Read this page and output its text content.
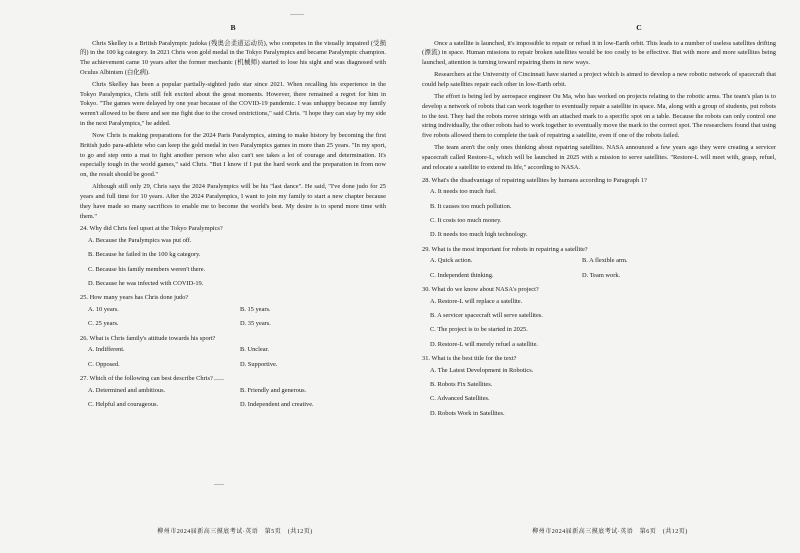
B

Chris Skelley is a British Paralympic judoka (残奥会柔道运动员), who competes in the visually impaired (受损的) in the 100 kg category. In 2021 Chris won gold medal in the Tokyo Paralympics and became Paralympic champion. The achievement came 10 years after the former mechanic (机械师) started to lose his sight and was diagnosed with Oculus Albinism (白化病).

Chris Skelley has been a popular partially-sighted judo star since 2021. When recalling his experience in the Tokyo Paralympics, Chris still felt excited about the great moments. However, there remained a regret for him in Tokyo. "The games were delayed by one year because of the COVID-19 pandemic. I was unhappy because my family weren't allowed to be there and see me fight due to the crowd restrictions," said Chris. "I hope they can stay by my side in the next Paralympics," he added.

Now Chris is making preparations for the 2024 Paris Paralympics, aiming to make history by becoming the first British judo para-athlete who can keep the gold medal in two Paralympics games in more than 25 years. "In my sport, to go and step onto a mat to fight another person who also can't see takes a lot of courage and determination. It's especially tough in the world games," said Chris. "But I know if I put the hard work and the preparation in from now on, the result should be good."

Although still only 29, Chris says the 2024 Paralympics will be his "last dance". He said, "I've done judo for 25 years and full time for 10 years. After the 2024 Paralympics, I want to join my family to start a new chapter because they have made so many sacrifices to enable me to become the world's best. My desire is to spend more time with them."

24. Why did Chris feel upset at the Tokyo Paralympics?
A. Because the Paralympics was put off.
B. Because he failed in the 100 kg category.
C. Because his family members weren't there.
D. Because he was infected with COVID-19.
25. How many years has Chris done judo?
A. 10 years.	B. 15 years.
C. 25 years.	D. 35 years.
26. What is Chris family's attitude towards his sport?
A. Indifferent.	B. Unclear.
C. Opposed.	D. Supportive.
27. Which of the following can best describe Chris?
A. Determined and ambitious.	B. Friendly and generous.
C. Helpful and courageous.	D. Independent and creative.
柳州市2024届新高三摸底考试·英语　第5页　(共12页)
C

Once a satellite is launched, it's impossible to repair or refuel it in low-Earth orbit. This leads to a number of useless satellites drifting (漂流) in space. Human missions to repair broken satellites would be too costly to be effective. But with more and more satellites being launched, attention is turning toward repairing them in new ways.

Researchers at the University of Cincinnati have started a project which is aimed to develop a new robotic network of spacecraft that could help satellites repair each other in low-Earth orbit.

The effort is being led by aerospace engineer Ou Ma, who has worked on projects relating to the robotic arms. The team's plan is to develop a network of robots that can work together to eventually repair a satellite in space. Ma, along with a group of students, put robots to the test. They had the robots move strings with an attached mark to a specific spot on a table. Because the robots can only control one string individually, the other robots had to work together to eventually move the mark to the correct spot. The researchers found that using five robots allowed them to complete the task of repairing a satellite, even if one of the robots failed.

The team aren't the only ones thinking about repairing satellites. NASA announced a few years ago they were creating a servicer spacecraft called Restore-L, which will be launched in 2025 with a mission to serve satellites. "Restore-L will meet with, grasp, refuel, and relocate a satellite to extend its life," according to NASA.

28. What's the disadvantage of repairing satellites by humans according to Paragraph 1?
A. It needs too much fuel.
B. It causes too much pollution.
C. It costs too much money.
D. It needs too much high technology.
29. What is the most important for robots in repairing a satellite?
A. Quick action.	B. A flexible arm.
C. Independent thinking.	D. Team work.
30. What do we know about NASA's project?
A. Restore-L will replace a satellite.
B. A servicer spacecraft will serve satellites.
C. The project is to be started in 2025.
D. Restore-L will merely refuel a satellite.
31. What is the best title for the text?
A. The Latest Development in Robotics.
B. Robots Fix Satellites.
C. Advanced Satellites.
D. Robots Work in Satellites.
柳州市2024届新高三摸底考试·英语　第6页　(共12页)
